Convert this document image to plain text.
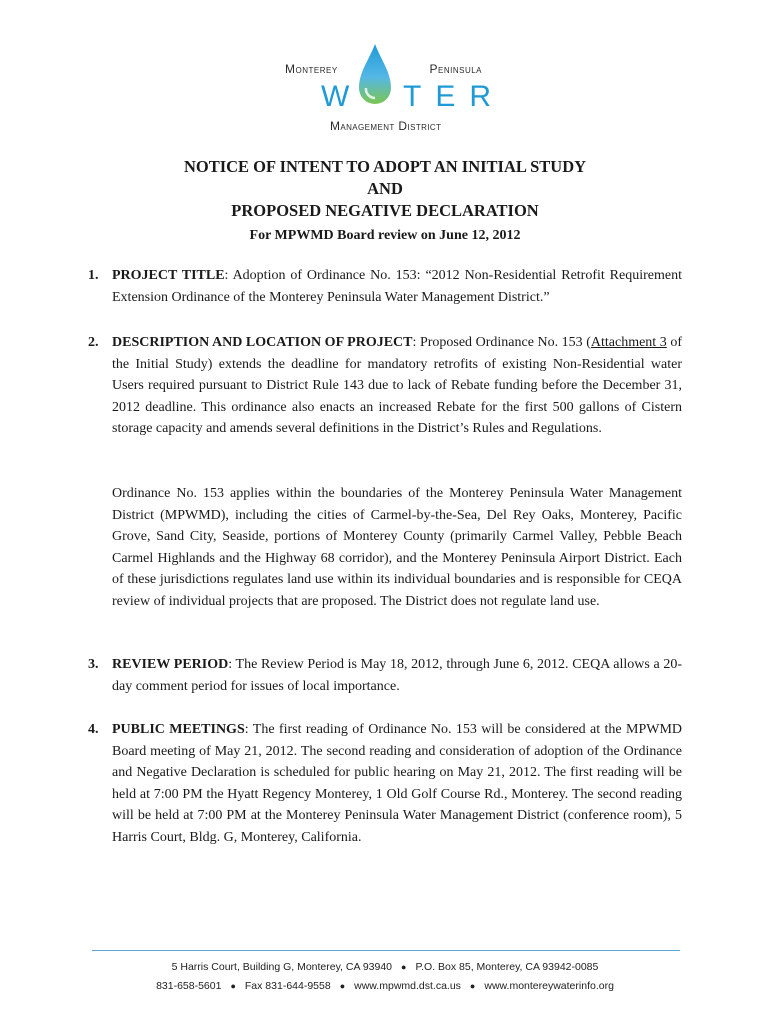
Monterey	Peninsula
W TER
Management District
NOTICE OF INTENT TO ADOPT AN INITIAL STUDY
AND
PROPOSED NEGATIVE DECLARATION
For MPWMD Board review on June 12, 2012
1. PROJECT TITLE: Adoption of Ordinance No. 153: “2012 Non-Residential Retrofit Requirement Extension Ordinance of the Monterey Peninsula Water Management District.”
2. DESCRIPTION AND LOCATION OF PROJECT: Proposed Ordinance No. 153 (Attachment 3 of the Initial Study) extends the deadline for mandatory retrofits of existing Non-Residential water Users required pursuant to District Rule 143 due to lack of Rebate funding before the December 31, 2012 deadline. This ordinance also enacts an increased Rebate for the first 500 gallons of Cistern storage capacity and amends several definitions in the District’s Rules and Regulations.
Ordinance No. 153 applies within the boundaries of the Monterey Peninsula Water Management District (MPWMD), including the cities of Carmel-by-the-Sea, Del Rey Oaks, Monterey, Pacific Grove, Sand City, Seaside, portions of Monterey County (primarily Carmel Valley, Pebble Beach Carmel Highlands and the Highway 68 corridor), and the Monterey Peninsula Airport District. Each of these jurisdictions regulates land use within its individual boundaries and is responsible for CEQA review of individual projects that are proposed. The District does not regulate land use.
3. REVIEW PERIOD: The Review Period is May 18, 2012, through June 6, 2012. CEQA allows a 20-day comment period for issues of local importance.
4. PUBLIC MEETINGS: The first reading of Ordinance No. 153 will be considered at the MPWMD Board meeting of May 21, 2012. The second reading and consideration of adoption of the Ordinance and Negative Declaration is scheduled for public hearing on May 21, 2012. The first reading will be held at 7:00 PM the Hyatt Regency Monterey, 1 Old Golf Course Rd., Monterey. The second reading will be held at 7:00 PM at the Monterey Peninsula Water Management District (conference room), 5 Harris Court, Bldg. G, Monterey, California.
5 Harris Court, Building G, Monterey, CA 93940 ● P.O. Box 85, Monterey, CA 93942-0085
831-658-5601 ● Fax 831-644-9558 ● www.mpwmd.dst.ca.us ● www.montereywaterinfo.org
